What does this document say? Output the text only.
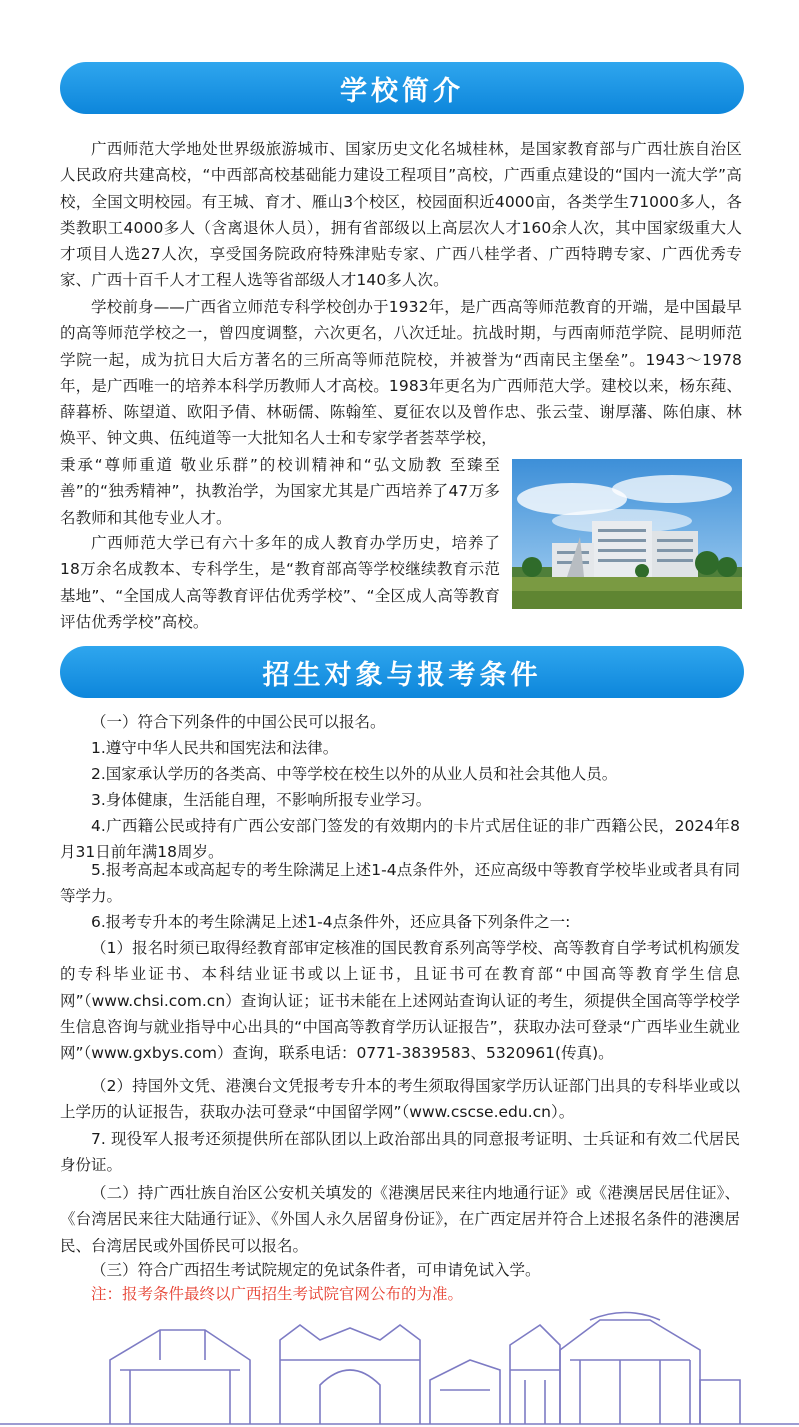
学校简介

广西师范大学地处世界级旅游城市、国家历史文化名城桂林，是国家教育部与广西壮族自治区人民政府共建高校，“中西部高校基础能力建设工程项目”高校，广西重点建设的“国内一流大学”高校，全国文明校园。有王城、育才、雁山3个校区，校园面积近4000亩，各类学生71000多人，各类教职工4000多人（含离退休人员），拥有省部级以上高层次人才160余人次，其中国家级重大人才项目人选27人次，享受国务院政府特殊津贴专家、广西八桂学者、广西特聘专家、广西优秀专家、广西十百千人才工程人选等省部级人才140多人次。

学校前身——广西省立师范专科学校创办于1932年，是广西高等师范教育的开端，是中国最早的高等师范学校之一，曾四度调整，六次更名，八次迁址。抗战时期，与西南师范学院、昆明师范学院一起，成为抗日大后方著名的三所高等师范院校，并被誉为“西南民主堡垒”。1943～1978年，是广西唯一的培养本科学历教师人才高校。1983年更名为广西师范大学。建校以来，杨东莼、薛暮桥、陈望道、欧阳予倩、林砺儒、陈翰笙、夏征农以及曾作忠、张云莹、谢厚藩、陈伯康、林焕平、钟文典、伍纯道等一大批知名人士和专家学者荟萃学校，

秉承“尊师重道 敬业乐群”的校训精神和“弘文励教 至臻至善”的“独秀精神”，执教治学，为国家尤其是广西培养了47万多名教师和其他专业人才。

广西师范大学已有六十多年的成人教育办学历史，培养了18万余名成教本、专科学生，是“教育部高等学校继续教育示范基地”、“全国成人高等教育评估优秀学校”、“全区成人高等教育评估优秀学校”高校。

招生对象与报考条件

（一）符合下列条件的中国公民可以报名。

1.遵守中华人民共和国宪法和法律。

2.国家承认学历的各类高、中等学校在校生以外的从业人员和社会其他人员。

3.身体健康，生活能自理，不影响所报专业学习。

4.广西籍公民或持有广西公安部门签发的有效期内的卡片式居住证的非广西籍公民，2024年8月31日前年满18周岁。

5.报考高起本或高起专的考生除满足上述1-4点条件外，还应高级中等教育学校毕业或者具有同等学力。

6.报考专升本的考生除满足上述1-4点条件外，还应具备下列条件之一:

（1）报名时须已取得经教育部审定核准的国民教育系列高等学校、高等教育自学考试机构颁发的专科毕业证书、本科结业证书或以上证书，且证书可在教育部“中国高等教育学生信息网”（www.chsi.com.cn）查询认证；证书未能在上述网站查询认证的考生，须提供全国高等学校学生信息咨询与就业指导中心出具的“中国高等教育学历认证报告”，获取办法可登录“广西毕业生就业网”（www.gxbys.com）查询，联系电话：0771-3839583、5320961(传真)。

（2）持国外文凭、港澳台文凭报考专升本的考生须取得国家学历认证部门出具的专科毕业或以上学历的认证报告，获取办法可登录“中国留学网”（www.cscse.edu.cn）。

7. 现役军人报考还须提供所在部队团以上政治部出具的同意报考证明、士兵证和有效二代居民身份证。

（二）持广西壮族自治区公安机关填发的《港澳居民来往内地通行证》或《港澳居民居住证》、《台湾居民来往大陆通行证》、《外国人永久居留身份证》，在广西定居并符合上述报名条件的港澳居民、台湾居民或外国侨民可以报名。

（三）符合广西招生考试院规定的免试条件者，可申请免试入学。

注：报考条件最终以广西招生考试院官网公布的为准。
